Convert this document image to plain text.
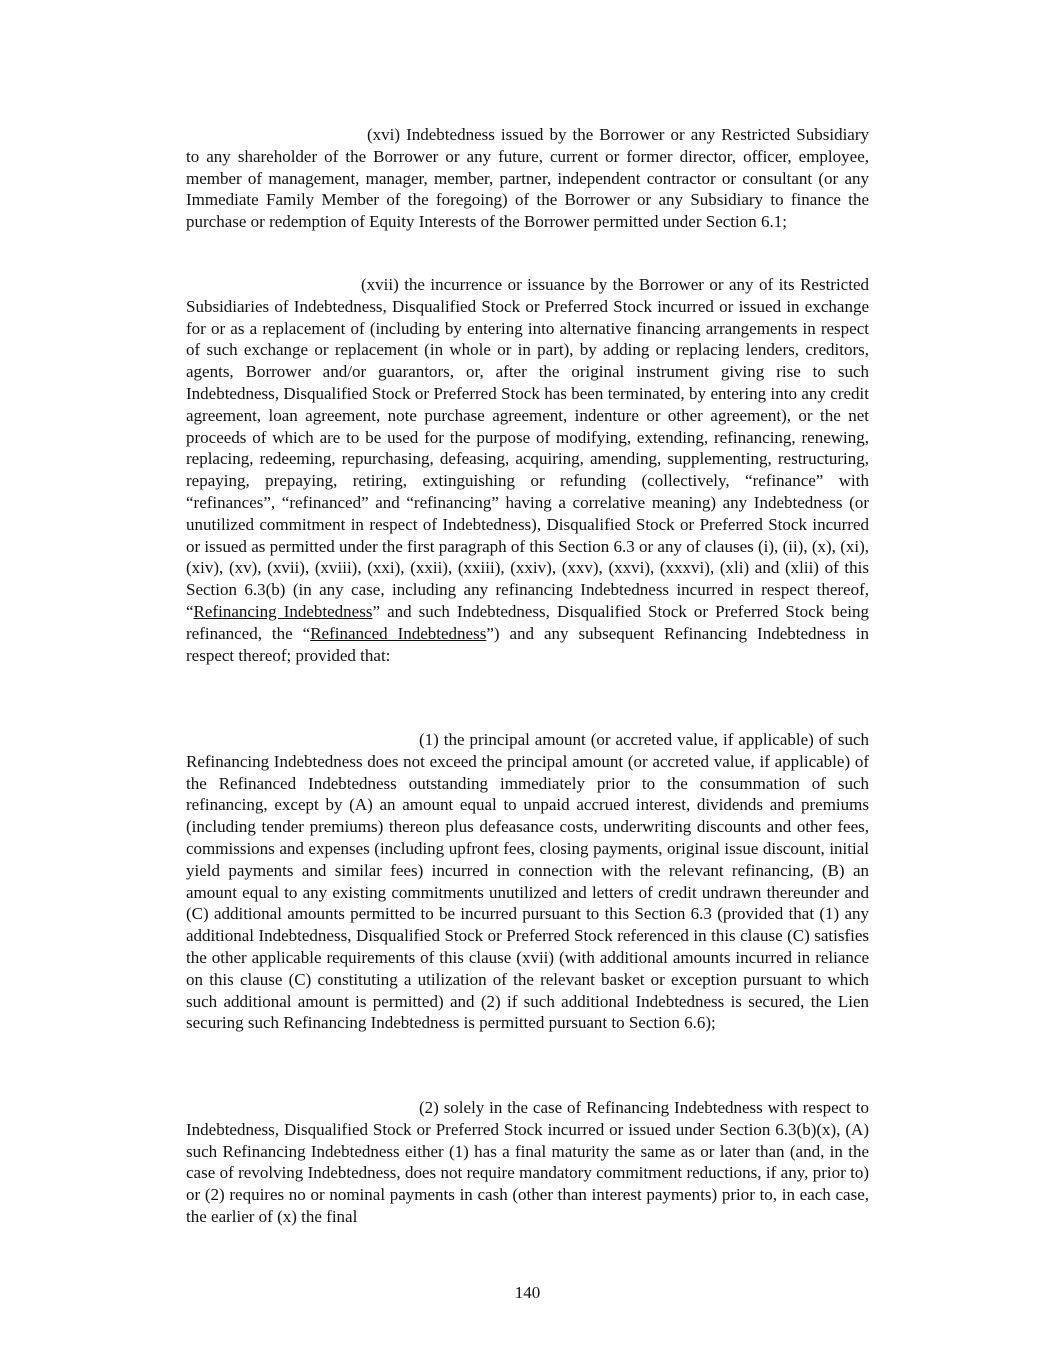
(xvi) Indebtedness issued by the Borrower or any Restricted Subsidiary to any shareholder of the Borrower or any future, current or former director, officer, employee, member of management, manager, member, partner, independent contractor or consultant (or any Immediate Family Member of the foregoing) of the Borrower or any Subsidiary to finance the purchase or redemption of Equity Interests of the Borrower permitted under Section 6.1;

(xvii) the incurrence or issuance by the Borrower or any of its Restricted Subsidiaries of Indebtedness, Disqualified Stock or Preferred Stock incurred or issued in exchange for or as a replacement of (including by entering into alternative financing arrangements in respect of such exchange or replacement (in whole or in part), by adding or replacing lenders, creditors, agents, Borrower and/or guarantors, or, after the original instrument giving rise to such Indebtedness, Disqualified Stock or Preferred Stock has been terminated, by entering into any credit agreement, loan agreement, note purchase agreement, indenture or other agreement), or the net proceeds of which are to be used for the purpose of modifying, extending, refinancing, renewing, replacing, redeeming, repurchasing, defeasing, acquiring, amending, supplementing, restructuring, repaying, prepaying, retiring, extinguishing or refunding (collectively, “refinance” with “refinances”, “refinanced” and “refinancing” having a correlative meaning) any Indebtedness (or unutilized commitment in respect of Indebtedness), Disqualified Stock or Preferred Stock incurred or issued as permitted under the first paragraph of this Section 6.3 or any of clauses (i), (ii), (x), (xi), (xiv), (xv), (xvii), (xviii), (xxi), (xxii), (xxiii), (xxiv), (xxv), (xxvi), (xxxvi), (xli) and (xlii) of this Section 6.3(b) (in any case, including any refinancing Indebtedness incurred in respect thereof, “Refinancing Indebtedness” and such Indebtedness, Disqualified Stock or Preferred Stock being refinanced, the “Refinanced Indebtedness”) and any subsequent Refinancing Indebtedness in respect thereof; provided that:

(1) the principal amount (or accreted value, if applicable) of such Refinancing Indebtedness does not exceed the principal amount (or accreted value, if applicable) of the Refinanced Indebtedness outstanding immediately prior to the consummation of such refinancing, except by (A) an amount equal to unpaid accrued interest, dividends and premiums (including tender premiums) thereon plus defeasance costs, underwriting discounts and other fees, commissions and expenses (including upfront fees, closing payments, original issue discount, initial yield payments and similar fees) incurred in connection with the relevant refinancing, (B) an amount equal to any existing commitments unutilized and letters of credit undrawn thereunder and (C) additional amounts permitted to be incurred pursuant to this Section 6.3 (provided that (1) any additional Indebtedness, Disqualified Stock or Preferred Stock referenced in this clause (C) satisfies the other applicable requirements of this clause (xvii) (with additional amounts incurred in reliance on this clause (C) constituting a utilization of the relevant basket or exception pursuant to which such additional amount is permitted) and (2) if such additional Indebtedness is secured, the Lien securing such Refinancing Indebtedness is permitted pursuant to Section 6.6);

(2) solely in the case of Refinancing Indebtedness with respect to Indebtedness, Disqualified Stock or Preferred Stock incurred or issued under Section 6.3(b)(x), (A) such Refinancing Indebtedness either (1) has a final maturity the same as or later than (and, in the case of revolving Indebtedness, does not require mandatory commitment reductions, if any, prior to) or (2) requires no or nominal payments in cash (other than interest payments) prior to, in each case, the earlier of (x) the final

140
